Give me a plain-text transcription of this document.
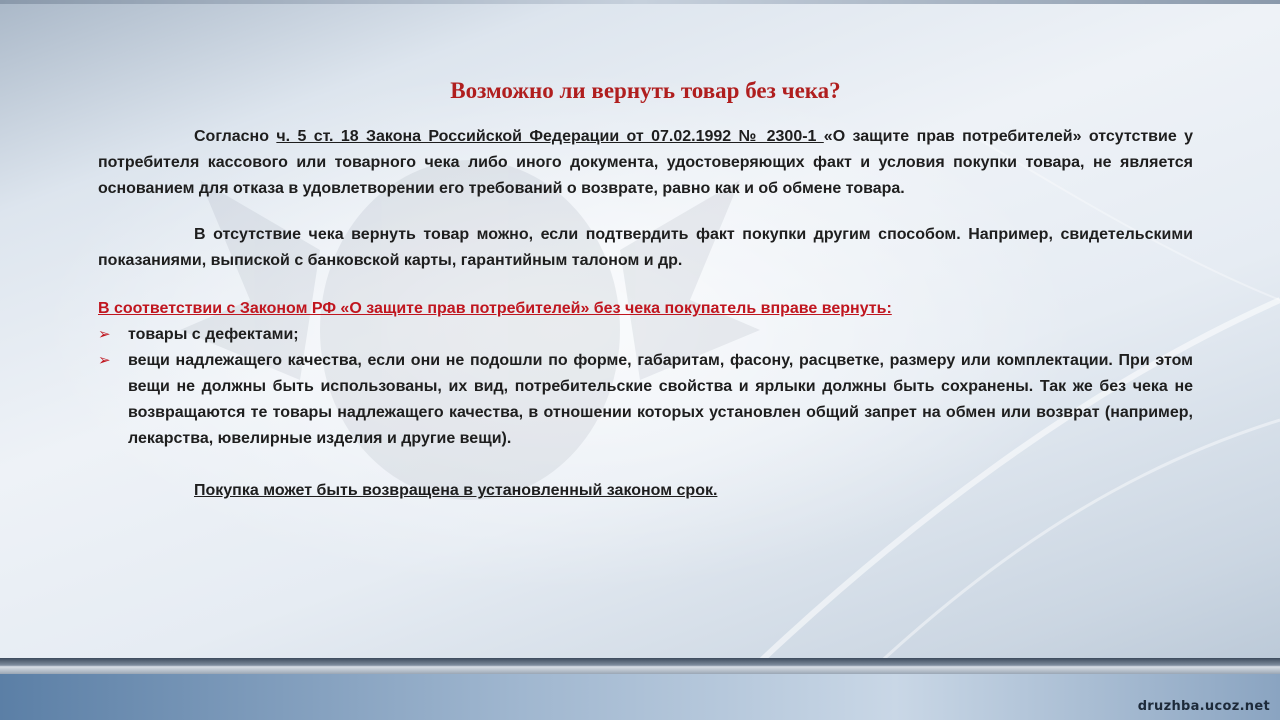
Возможно ли вернуть товар без чека?

Согласно ч. 5 ст. 18 Закона Российской Федерации от 07.02.1992 № 2300-1 «О защите прав потребителей» отсутствие у потребителя кассового или товарного чека либо иного документа, удостоверяющих факт и условия покупки товара, не является основанием для отказа в удовлетворении его требований о возврате, равно как и об обмене товара.

В отсутствие чека вернуть товар можно, если подтвердить факт покупки другим способом. Например, свидетельскими показаниями, выпиской с банковской карты, гарантийным талоном и др.

В соответствии с Законом РФ «О защите прав потребителей» без чека покупатель вправе вернуть:

➢ товары с дефектами;
➢ вещи надлежащего качества, если они не подошли по форме, габаритам, фасону, расцветке, размеру или комплектации. При этом вещи не должны быть использованы, их вид, потребительские свойства и ярлыки должны быть сохранены. Так же без чека не возвращаются те товары надлежащего качества, в отношении которых установлен общий запрет на обмен или возврат (например, лекарства, ювелирные изделия и другие вещи).

Покупка может быть возвращена в установленный законом срок.

druzhba.ucoz.net
